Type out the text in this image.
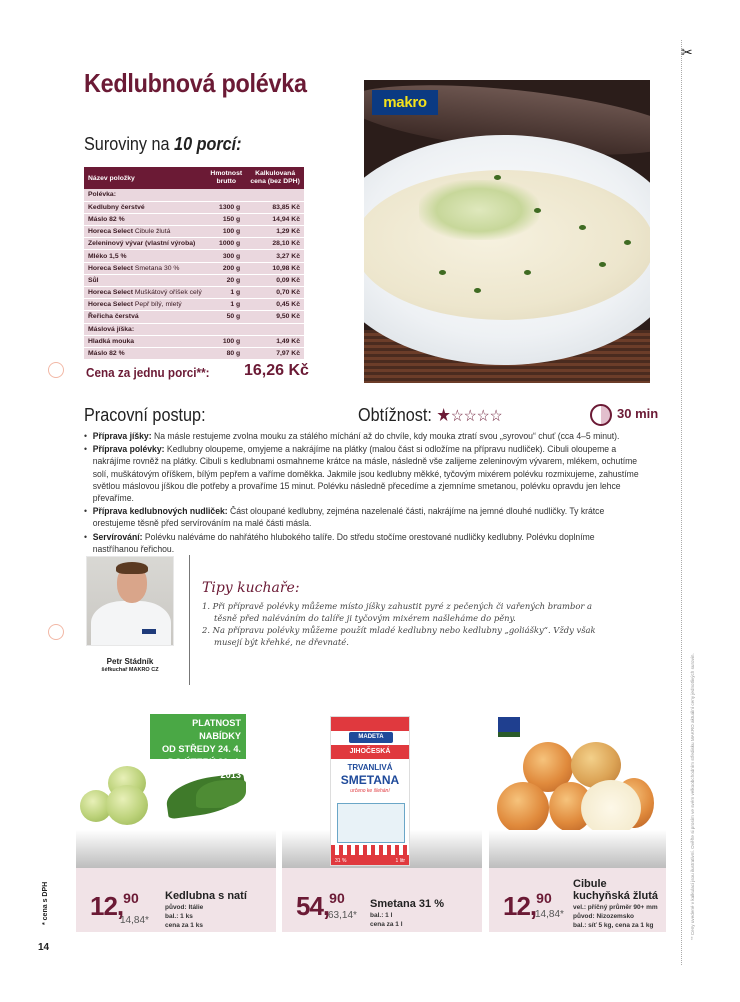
Kedlubnová polévka
Suroviny na 10 porcí:
Název položky	Hmotnost
brutto	Kalkulovaná
cena (bez DPH)
Polévka:		
Kedlubny čerstvé	1300 g	83,85 Kč
Máslo 82 %	150 g	14,94 Kč
Horeca Select Cibule žlutá	100 g	1,29 Kč
Zeleninový vývar (vlastní výroba)	1000 g	28,10 Kč
Mléko 1,5 %	300 g	3,27 Kč
Horeca Select Smetana 30 %	200 g	10,98 Kč
Sůl	20 g	0,09 Kč
Horeca Select Muškátový oříšek celý	1 g	0,70 Kč
Horeca Select Pepř bílý, mletý	1 g	0,45 Kč
Řeřicha čerstvá	50 g	9,50 Kč
Máslová jíška:		
Hladká mouka	100 g	1,49 Kč
Máslo 82 %	80 g	7,97 Kč
Cena za jednu porci**: 16,26 Kč
makro
Pracovní postup:	Obtížnost: ★☆☆☆☆	30 min
• Příprava jíšky: Na másle restujeme zvolna mouku za stálého míchání až do chvíle, kdy mouka ztratí svou „syrovou“ chuť (cca 4–5 minut).
• Příprava polévky: Kedlubny oloupeme, omyjeme a nakrájíme na plátky (malou část si odložíme na přípravu nudliček). Cibuli oloupeme a nakrájíme rovněž na plátky. Cibuli s kedlubnami osmahneme krátce na másle, následně vše zalijeme zeleninovým vývarem, mlékem, ochutíme solí, muškátovým oříškem, bílým pepřem a vaříme doměkka. Jakmile jsou kedlubny měkké, tyčovým mixérem polévku rozmixujeme, zahustíme světlou máslovou jíškou dle potřeby a provaříme 15 minut. Polévku následně přecedíme a zjemníme smetanou, polévku opravdu jen lehce převaříme.
• Příprava kedlubnových nudliček: Část oloupané kedlubny, zejména nazelenalé části, nakrájíme na jemné dlouhé nudličky. Ty krátce orestujeme těsně před servírováním na malé části másla.
• Servírování: Polévku naléváme do nahřátého hlubokého talíře. Do středu stočíme orestované nudličky kedlubny. Polévku doplníme nastříhanou řeřichou.
Petr Stádník
šéfkuchař MAKRO CZ
Tipy kuchaře:
1. Při přípravě polévky můžeme místo jíšky zahustit pyré z pečených či vařených brambor a těsně před naléváním do talíře ji tyčovým mixérem našleháme do pěny.
2. Na přípravu polévky můžeme použít mladé kedlubny nebo kedlubny „goliášky“. Vždy však musejí být křehké, ne dřevnaté.
12,90
14,84*
Kedlubna s natí
původ: Itálie
bal.: 1 ks
cena za 1 ks
PLATNOST NABÍDKY
OD STŘEDY 24. 4.
DO ÚTERÝ 30. 4. 2013
54,90
63,14*
Smetana 31 %
bal.: 1 l
cena za 1 l
MADETA
JIHOČESKÁ
TRVANLIVÁ
SMETANA
určeno ke šlehání
31 %	1 litr
12,90
14,84*
Cibule
kuchyňská žlutá
vel.: příčný průměr 90+ mm
původ: Nizozemsko
bal.: síť 5 kg, cena za 1 kg
✂
** Ceny uvedené v kalkulaci jsou ilustrativní. Ověřte si prosím ve svém velkoobchodním středisku MAKRO aktuální ceny jednotlivých surovin.
* cena s DPH
14
